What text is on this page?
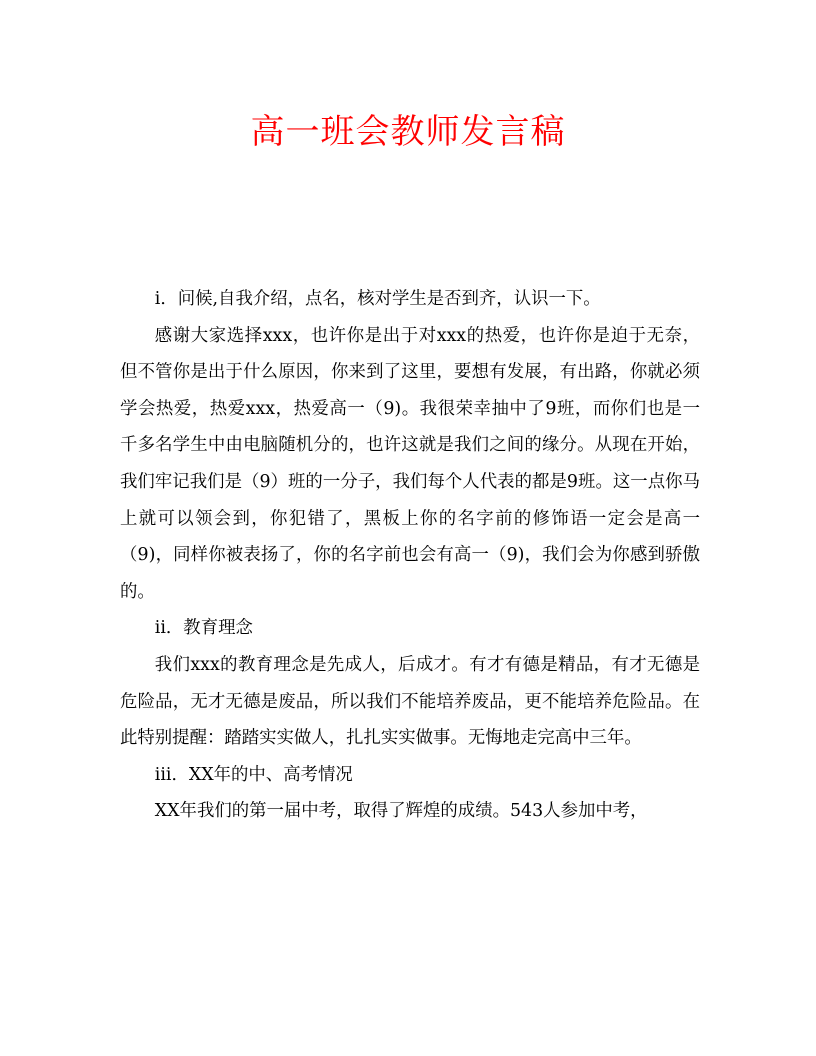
高一班会教师发言稿

i．问候,自我介绍，点名，核对学生是否到齐，认识一下。

感谢大家选择xxx，也许你是出于对xxx的热爱，也许你是迫于无奈，但不管你是出于什么原因，你来到了这里，要想有发展，有出路，你就必须学会热爱，热爱xxx，热爱高一（9)。我很荣幸抽中了9班，而你们也是一千多名学生中由电脑随机分的，也许这就是我们之间的缘分。从现在开始，我们牢记我们是（9）班的一分子，我们每个人代表的都是9班。这一点你马上就可以领会到，你犯错了，黑板上你的名字前的修饰语一定会是高一（9)，同样你被表扬了，你的名字前也会有高一（9)，我们会为你感到骄傲的。

ii．教育理念

我们xxx的教育理念是先成人，后成才。有才有德是精品，有才无德是危险品，无才无德是废品，所以我们不能培养废品，更不能培养危险品。在此特别提醒：踏踏实实做人，扎扎实实做事。无悔地走完高中三年。

iii．XX年的中、高考情况

XX年我们的第一届中考，取得了辉煌的成绩。543人参加中考，
